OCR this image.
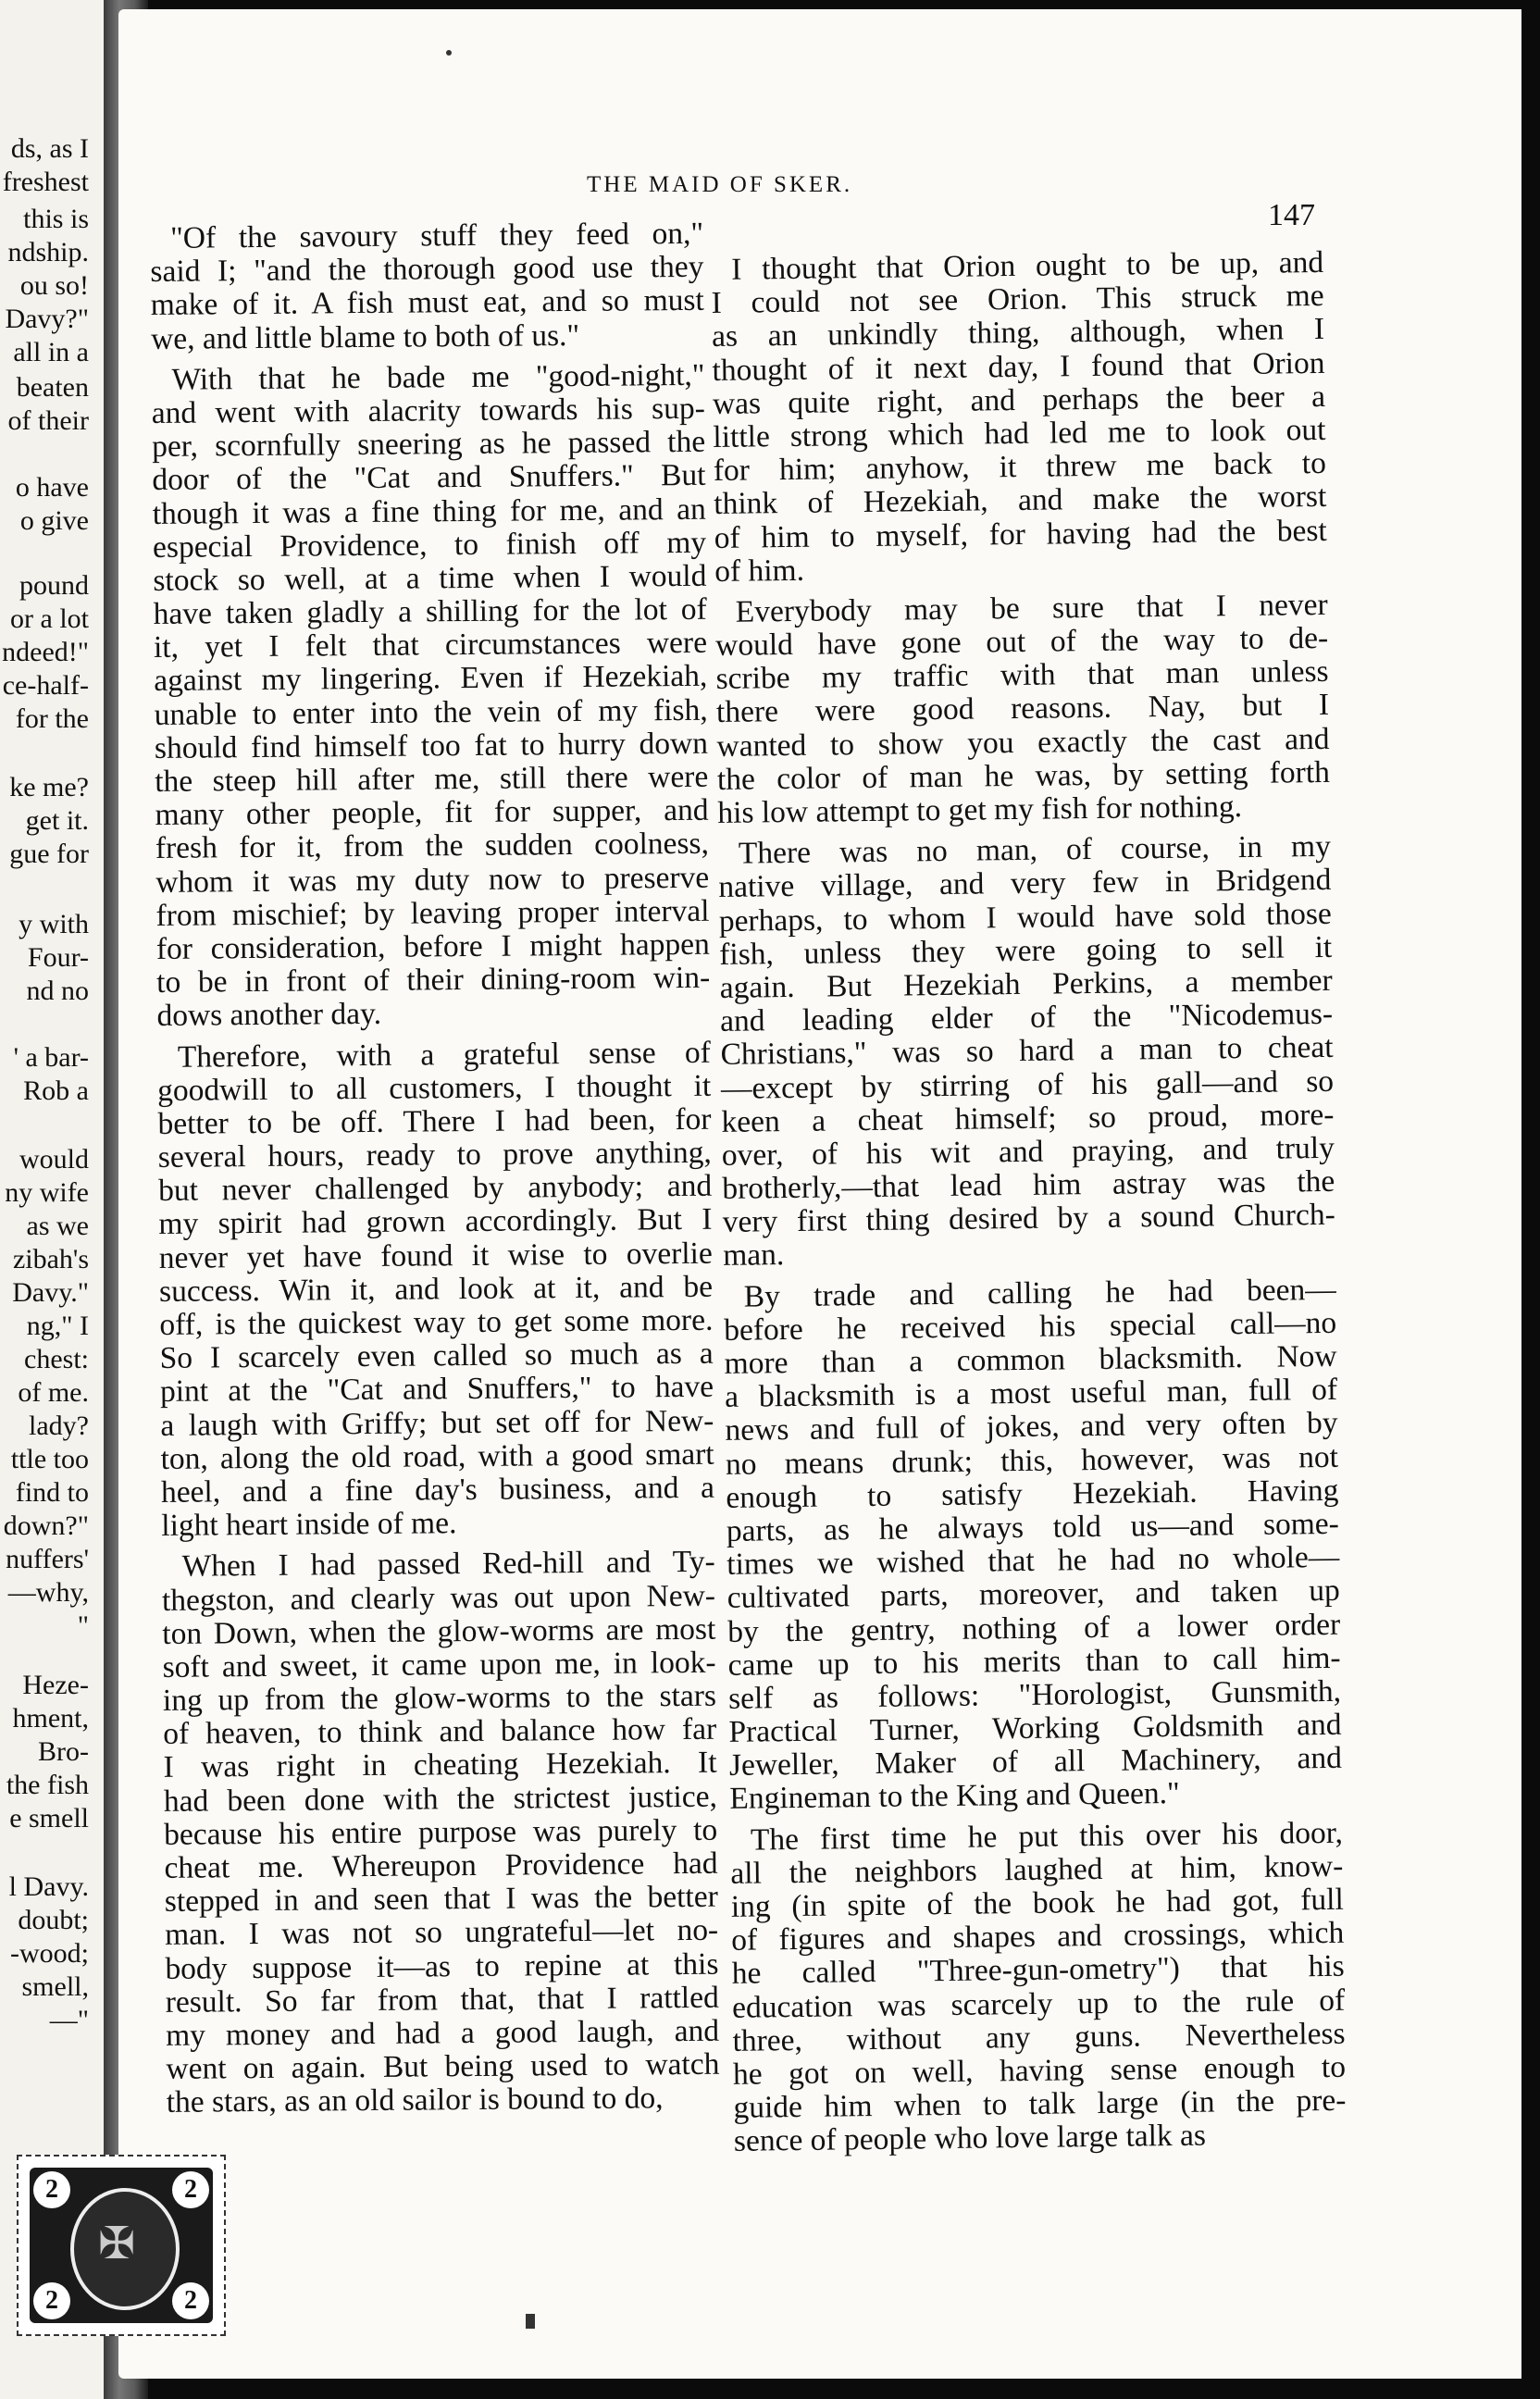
ds, as I
freshest
this is
ndship.
ou so!
Davy?"
all in a
beaten
of their
o have
o give
pound
or a lot
ndeed!"
ce-half-
for the
ke me?
get it.
gue for
y with
Four-
nd no
' a bar-
Rob a
would
ny wife
as we
zibah's
Davy."
ng," I
chest:
of me.
lady?
ttle too
find to
down?"
nuffers'
—why,
"
Heze-
hment,
Bro-
the fish
e smell
l Davy.
doubt;
-wood;
smell,
—"
THE MAID OF SKER.
147
"Of the savoury stuff they feed on,"
said I; "and the thorough good use they
make of it. A fish must eat, and so must
we, and little blame to both of us."
With that he bade me "good-night,"
and went with alacrity towards his sup-
per, scornfully sneering as he passed the
door of the "Cat and Snuffers." But
though it was a fine thing for me, and an
especial Providence, to finish off my
stock so well, at a time when I would
have taken gladly a shilling for the lot of
it, yet I felt that circumstances were
against my lingering. Even if Hezekiah,
unable to enter into the vein of my fish,
should find himself too fat to hurry down
the steep hill after me, still there were
many other people, fit for supper, and
fresh for it, from the sudden coolness,
whom it was my duty now to preserve
from mischief; by leaving proper interval
for consideration, before I might happen
to be in front of their dining-room win-
dows another day.
Therefore, with a grateful sense of
goodwill to all customers, I thought it
better to be off. There I had been, for
several hours, ready to prove anything,
but never challenged by anybody; and
my spirit had grown accordingly. But I
never yet have found it wise to overlie
success. Win it, and look at it, and be
off, is the quickest way to get some more.
So I scarcely even called so much as a
pint at the "Cat and Snuffers," to have
a laugh with Griffy; but set off for New-
ton, along the old road, with a good smart
heel, and a fine day's business, and a
light heart inside of me.
When I had passed Red-hill and Ty-
thegston, and clearly was out upon New-
ton Down, when the glow-worms are most
soft and sweet, it came upon me, in look-
ing up from the glow-worms to the stars
of heaven, to think and balance how far
I was right in cheating Hezekiah. It
had been done with the strictest justice,
because his entire purpose was purely to
cheat me. Whereupon Providence had
stepped in and seen that I was the better
man. I was not so ungrateful—let no-
body suppose it—as to repine at this
result. So far from that, that I rattled
my money and had a good laugh, and
went on again. But being used to watch
the stars, as an old sailor is bound to do,
I thought that Orion ought to be up, and
I could not see Orion. This struck me
as an unkindly thing, although, when I
thought of it next day, I found that Orion
was quite right, and perhaps the beer a
little strong which had led me to look out
for him; anyhow, it threw me back to
think of Hezekiah, and make the worst
of him to myself, for having had the best
of him.
Everybody may be sure that I never
would have gone out of the way to de-
scribe my traffic with that man unless
there were good reasons. Nay, but I
wanted to show you exactly the cast and
the color of man he was, by setting forth
his low attempt to get my fish for nothing.
There was no man, of course, in my
native village, and very few in Bridgend
perhaps, to whom I would have sold those
fish, unless they were going to sell it
again. But Hezekiah Perkins, a member
and leading elder of the "Nicodemus-
Christians," was so hard a man to cheat
—except by stirring of his gall—and so
keen a cheat himself; so proud, more-
over, of his wit and praying, and truly
brotherly,—that lead him astray was the
very first thing desired by a sound Church-
man.
By trade and calling he had been—
before he received his special call—no
more than a common blacksmith. Now
a blacksmith is a most useful man, full of
news and full of jokes, and very often by
no means drunk; this, however, was not
enough to satisfy Hezekiah. Having
parts, as he always told us—and some-
times we wished that he had no whole—
cultivated parts, moreover, and taken up
by the gentry, nothing of a lower order
came up to his merits than to call him-
self as follows: "Horologist, Gunsmith,
Practical Turner, Working Goldsmith and
Jeweller, Maker of all Machinery, and
Engineman to the King and Queen."
The first time he put this over his door,
all the neighbors laughed at him, know-
ing (in spite of the book he had got, full
of figures and shapes and crossings, which
he called "Three-gun-ometry") that his
education was scarcely up to the rule of
three, without any guns. Nevertheless
he got on well, having sense enough to
guide him when to talk large (in the pre-
sence of people who love large talk as
2	2
2	2
✠
